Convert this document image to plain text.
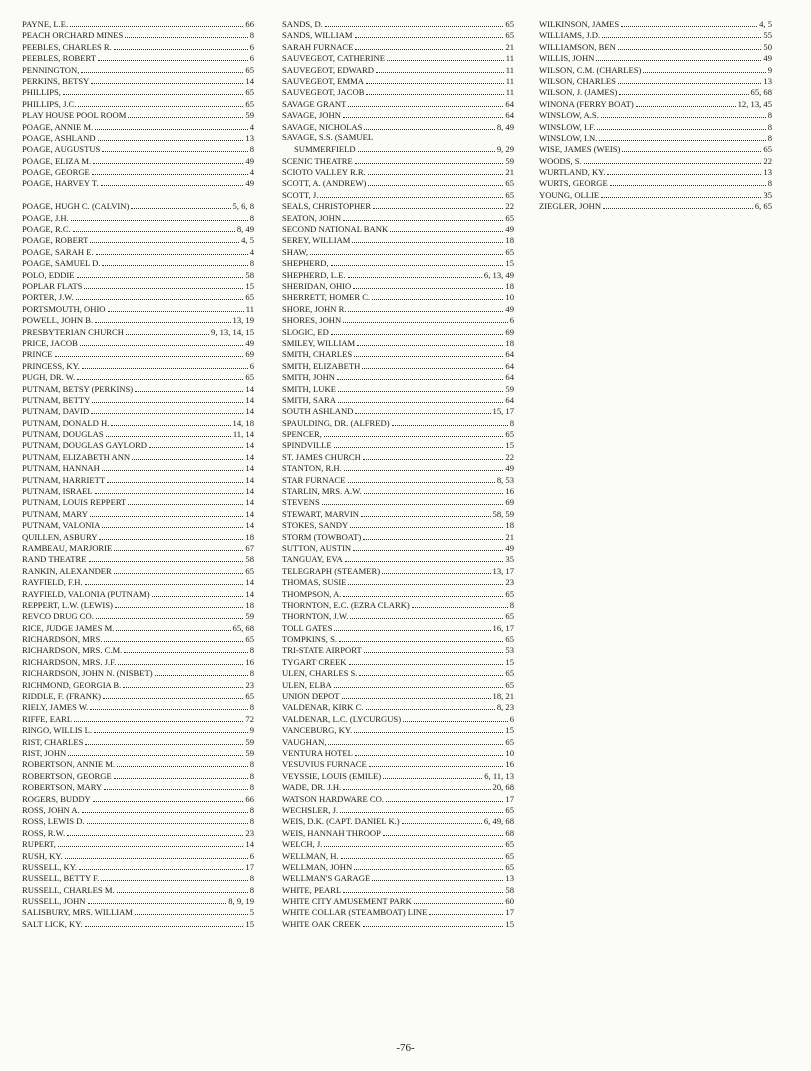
PAYNE, L.E.	66
PEACH ORCHARD MINES	8
PEEBLES, CHARLES R.	6
PEEBLES, ROBERT	6
PENNINGTON,	65
PERKINS, BETSY	14
PHILLIPS,	65
PHILLIPS, J.C.	65
PLAY HOUSE POOL ROOM	59
POAGE, ANNIE M.	4
POAGE, ASHLAND	13
POAGE, AUGUSTUS	8
POAGE, ELIZA M.	49
POAGE, GEORGE	4
POAGE, HARVEY T.	49
POAGE, HUGH C. (CALVIN)	5, 6, 8
POAGE, J.H.	8
POAGE, R.C.	8, 49
POAGE, ROBERT	4, 5
POAGE, SARAH E.	4
POAGE, SAMUEL D.	8
POLO, EDDIE	58
POPLAR FLATS	15
PORTER, J.W.	65
PORTSMOUTH, OHIO	11
POWELL, JOHN B.	13, 19
PRESBYTERIAN CHURCH	9, 13, 14, 15
PRICE, JACOB	49
PRINCE	69
PRINCESS, KY.	6
PUGH, DR. W.	65
PUTNAM, BETSY (PERKINS)	14
PUTNAM, BETTY	14
PUTNAM, DAVID	14
PUTNAM, DONALD H.	14, 18
PUTNAM, DOUGLAS	11, 14
PUTNAM, DOUGLAS GAYLORD	14
PUTNAM, ELIZABETH ANN	14
PUTNAM, HANNAH	14
PUTNAM, HARRIETT	14
PUTNAM, ISRAEL	14
PUTNAM, LOUIS REPPERT	14
PUTNAM, MARY	14
PUTNAM, VALONIA	14
QUILLEN, ASBURY	18
RAMBEAU, MARJORIE	67
RAND THEATRE	58
RANKIN, ALEXANDER	65
RAYFIELD, F.H.	14
RAYFIELD, VALONIA (PUTNAM)	14
REPPERT, L.W. (LEWIS)	18
REVCO DRUG CO.	59
RICE, JUDGE JAMES M.	65, 68
RICHARDSON, MRS.	65
RICHARDSON, MRS. C.M.	8
RICHARDSON, MRS. J.F.	16
RICHARDSON, JOHN N. (NISBET)	8
RICHMOND, GEORGIA B.	23
RIDDLE, F. (FRANK)	65
RIELY, JAMES W.	8
RIFFE, EARL	72
RINGO, WILLIS L.	9
RIST, CHARLES	59
RIST, JOHN	59
ROBERTSON, ANNIE M.	8
ROBERTSON, GEORGE	8
ROBERTSON, MARY	8
ROGERS, BUDDY	66
ROSS, JOHN A.	8
ROSS, LEWIS D.	8
ROSS, R.W.	23
RUPERT,	14
RUSH, KY.	6
RUSSELL, KY.	17
RUSSELL, BETTY F.	8
RUSSELL, CHARLES M.	8
RUSSELL, JOHN	8, 9, 19
SALISBURY, MRS. WILLIAM	5
SALT LICK, KY.	15
SANDS, D.	65
SANDS, WILLIAM	65
SARAH FURNACE	21
SAUVEGEOT, CATHERINE	11
SAUVEGEOT, EDWARD	11
SAUVEGEOT, EMMA	11
SAUVEGEOT, JACOB	11
SAVAGE GRANT	64
SAVAGE, JOHN	64
SAVAGE, NICHOLAS	8, 49
SAVAGE, S.S. (SAMUEL
SUMMERFIELD	9, 29
SCENIC THEATRE	59
SCIOTO VALLEY R.R.	21
SCOTT, A. (ANDREW)	65
SCOTT, J.	65
SEALS, CHRISTOPHER	22
SEATON, JOHN	65
SECOND NATIONAL BANK	49
SEREY, WILLIAM	18
SHAW,	65
SHEPHERD,	15
SHEPHERD, L.E.	6, 13, 49
SHERIDAN, OHIO	18
SHERRETT, HOMER C.	10
SHORE, JOHN R.	49
SHORES, JOHN	6
SLOGIC, ED	69
SMILEY, WILLIAM	18
SMITH, CHARLES	64
SMITH, ELIZABETH	64
SMITH, JOHN	64
SMITH, LUKE	59
SMITH, SARA	64
SOUTH ASHLAND	15, 17
SPAULDING, DR. (ALFRED)	8
SPENCER,	65
SPINDVILLE	15
ST. JAMES CHURCH	22
STANTON, R.H.	49
STAR FURNACE	8, 53
STARLIN, MRS. A.W.	16
STEVENS	69
STEWART, MARVIN	58, 59
STOKES, SANDY	18
STORM (TOWBOAT)	21
SUTTON, AUSTIN	49
TANGUAY, EVA	35
TELEGRAPH (STEAMER)	13, 17
THOMAS, SUSIE	23
THOMPSON, A.	65
THORNTON, E.C. (EZRA CLARK)	8
THORNTON, J.W.	65
TOLL GATES	16, 17
TOMPKINS, S.	65
TRI-STATE AIRPORT	53
TYGART CREEK	15
ULEN, CHARLES S.	65
ULEN, ELBA	65
UNION DEPOT	18, 21
VALDENAR, KIRK C.	8, 23
VALDENAR, L.C. (LYCURGUS)	6
VANCEBURG, KY.	15
VAUGHAN,	65
VENTURA HOTEL	10
VESUVIUS FURNACE	16
VEYSSIE, LOUIS (EMILE)	6, 11, 13
WADE, DR. J.H.	20, 68
WATSON HARDWARE CO.	17
WECHSLER, J.	65
WEIS, D.K. (CAPT. DANIEL K.)	6, 49, 68
WEIS, HANNAH THROOP	68
WELCH, J.	65
WELLMAN, H.	65
WELLMAN, JOHN	65
WELLMAN'S GARAGE	13
WHITE, PEARL	58
WHITE CITY AMUSEMENT PARK	60
WHITE COLLAR (STEAMBOAT) LINE	17
WHITE OAK CREEK	15
WILKINSON, JAMES	4, 5
WILLIAMS, J.D.	55
WILLIAMSON, BEN	50
WILLIS, JOHN	49
WILSON, C.M. (CHARLES)	9
WILSON, CHARLES	13
WILSON, J. (JAMES)	65, 68
WINONA (FERRY BOAT)	12, 13, 45
WINSLOW, A.S.	8
WINSLOW, I.F.	8
WINSLOW, I.N.	8
WISE, JAMES (WEIS)	65
WOODS, S.	22
WURTLAND, KY.	13
WURTS, GEORGE	8
YOUNG, OLLIE	35
ZIEGLER, JOHN	6, 65
-76-
